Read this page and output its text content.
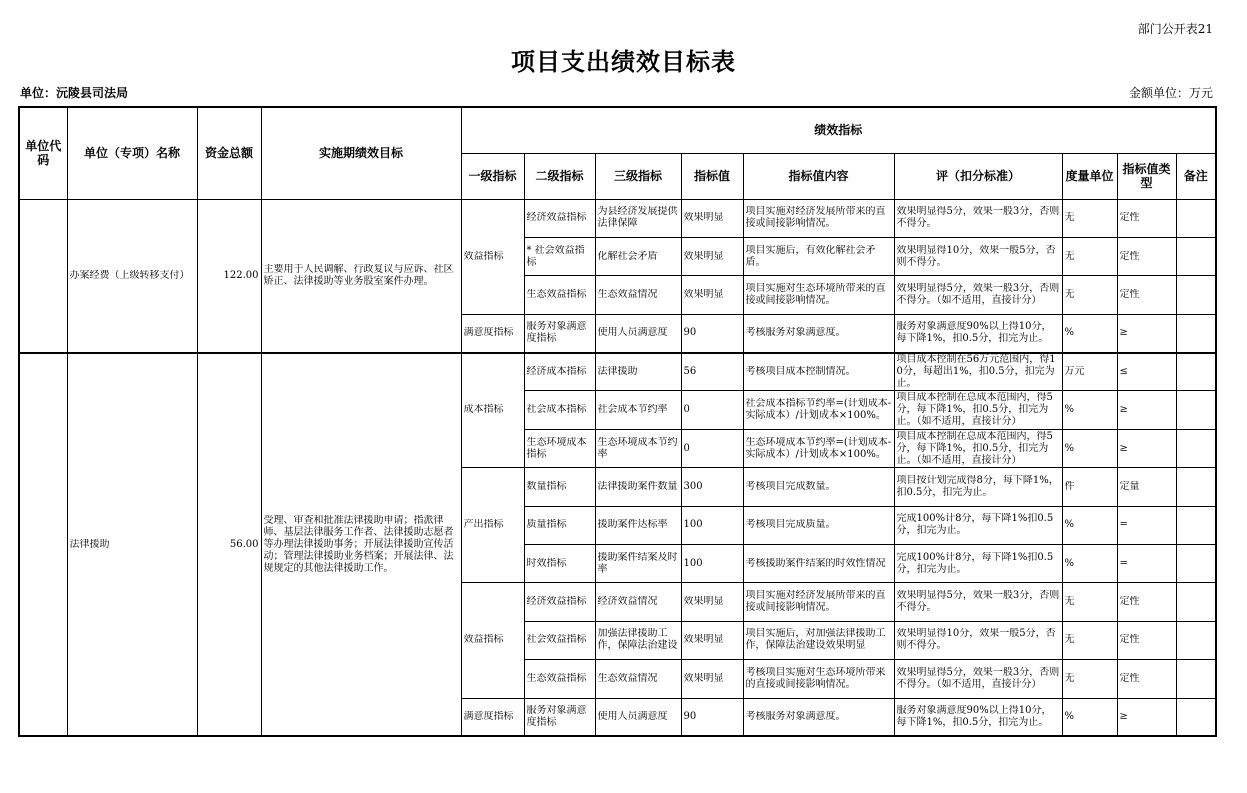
部门公开表21
项目支出绩效目标表
单位：沅陵县司法局	金额单位：万元
单位代码	单位（专项）名称	资金总额	实施期绩效目标	绩效指标								
				一级指标	二级指标	三级指标	指标值	指标值内容	评（扣分标准）	度量单位	指标值类型	备注

	办案经费（上级转移支付）	122.00	主要用于人民调解、行政复议与应诉、社区矫正、法律援助等业务股室案件办理。	效益指标	经济效益指标	为县经济发展提供法律保障	效果明显	项目实施对经济发展所带来的直接或间接影响情况。	效果明显得5分，效果一般3分，否则不得分。	无	定性	

					* 社会效益指标	化解社会矛盾	效果明显	项目实施后，有效化解社会矛盾。	效果明显得10分，效果一般5分，否则不得分。	无	定性	

					生态效益指标	生态效益情况	效果明显	项目实施对生态环境所带来的直接或间接影响情况。	效果明显得5分，效果一般3分，否则不得分。（如不适用，直接计分）	无	定性	

				满意度指标	服务对象满意度指标	使用人员满意度	90	考核服务对象满意度。	服务对象满意度90%以上得10分，每下降1%，扣0.5分，扣完为止。	%	≥	

	法律援助	56.00	受理、审查和批准法律援助申请；指派律师、基层法律服务工作者、法律援助志愿者等办理法律援助事务；开展法律援助宣传活动；管理法律援助业务档案；开展法律、法规规定的其他法律援助工作。	成本指标	经济成本指标	法律援助	56	考核项目成本控制情况。	项目成本控制在56万元范围内，得10分，每超出1%，扣0.5分，扣完为止。	万元	≤	

					社会成本指标	社会成本节约率	0	社会成本指标节约率=(计划成本-实际成本）/计划成本×100%。	项目成本控制在总成本范围内，得5分，每下降1%，扣0.5分，扣完为止。（如不适用，直接计分）	%	≥	

					生态环境成本指标	生态环境成本节约率	0	生态环境成本节约率=(计划成本-实际成本）/计划成本×100%。	项目成本控制在总成本范围内，得5分，每下降1%，扣0.5分，扣完为止。（如不适用，直接计分）	%	≥	

				产出指标	数量指标	法律援助案件数量	300	考核项目完成数量。	项目按计划完成得8分，每下降1%，扣0.5分，扣完为止。	件	定量	

					质量指标	援助案件达标率	100	考核项目完成质量。	完成100%计8分，每下降1%扣0.5分，扣完为止。	%	=	

					时效指标	援助案件结案及时率	100	考核援助案件结案的时效性情况	完成100%计8分，每下降1%扣0.5分，扣完为止。	%	=	

				效益指标	经济效益指标	经济效益情况	效果明显	项目实施对经济发展所带来的直接或间接影响情况。	效果明显得5分，效果一般3分，否则不得分。	无	定性	

					社会效益指标	加强法律援助工作，保障法治建设	效果明显	项目实施后，对加强法律援助工作，保障法治建设效果明显	效果明显得10分，效果一般5分，否则不得分。	无	定性	

					生态效益指标	生态效益情况	效果明显	考核项目实施对生态环境所带来的直接或间接影响情况。	效果明显得5分，效果一般3分，否则不得分。（如不适用，直接计分）	无	定性	

				满意度指标	服务对象满意度指标	使用人员满意度	90	考核服务对象满意度。	服务对象满意度90%以上得10分，每下降1%，扣0.5分，扣完为止。	%	≥	
